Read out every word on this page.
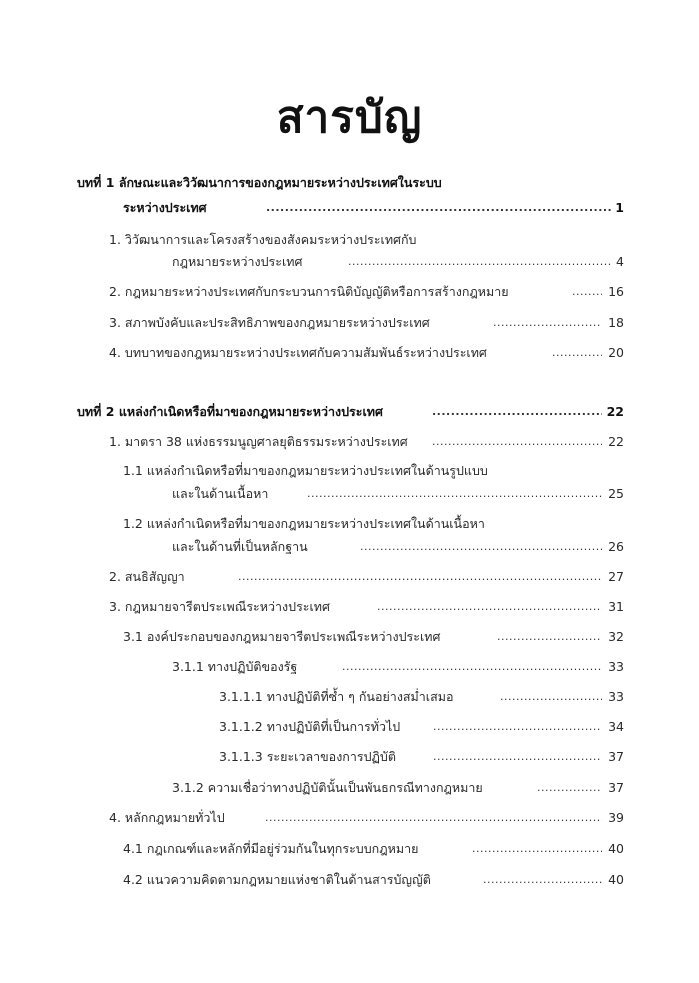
สารบัญ
บทที่ 1 ลักษณะและวิวัฒนาการของกฎหมายระหว่างประเทศในระบบ
ระหว่างประเทศ .....	1
1. วิวัฒนาการและโครงสร้างของสังคมระหว่างประเทศกับ
กฎหมายระหว่างประเทศ .....	4
2. กฎหมายระหว่างประเทศกับกระบวนการนิติบัญญัติหรือการสร้างกฎหมาย .....	16
3. สภาพบังคับและประสิทธิภาพของกฎหมายระหว่างประเทศ .....	18
4. บทบาทของกฎหมายระหว่างประเทศกับความสัมพันธ์ระหว่างประเทศ .....	20
บทที่ 2 แหล่งกำเนิดหรือที่มาของกฎหมายระหว่างประเทศ .....	22
1. มาตรา 38 แห่งธรรมนูญศาลยุติธรรมระหว่างประเทศ .....	22
1.1 แหล่งกำเนิดหรือที่มาของกฎหมายระหว่างประเทศในด้านรูปแบบ
และในด้านเนื้อหา .....	25
1.2 แหล่งกำเนิดหรือที่มาของกฎหมายระหว่างประเทศในด้านเนื้อหา
และในด้านที่เป็นหลักฐาน .....	26
2. สนธิสัญญา .....	27
3. กฎหมายจารีตประเพณีระหว่างประเทศ .....	31
3.1 องค์ประกอบของกฎหมายจารีตประเพณีระหว่างประเทศ .....	32
3.1.1 ทางปฏิบัติของรัฐ .....	33
3.1.1.1 ทางปฏิบัติที่ซ้ำ ๆ กันอย่างสม่ำเสมอ .....	33
3.1.1.2 ทางปฏิบัติที่เป็นการทั่วไป .....	34
3.1.1.3 ระยะเวลาของการปฏิบัติ .....	37
3.1.2 ความเชื่อว่าทางปฏิบัตินั้นเป็นพันธกรณีทางกฎหมาย .....	37
4. หลักกฎหมายทั่วไป .....	39
4.1 กฎเกณฑ์และหลักที่มีอยู่ร่วมกันในทุกระบบกฎหมาย .....	40
4.2 แนวความคิดตามกฎหมายแห่งชาติในด้านสารบัญญัติ .....	40
